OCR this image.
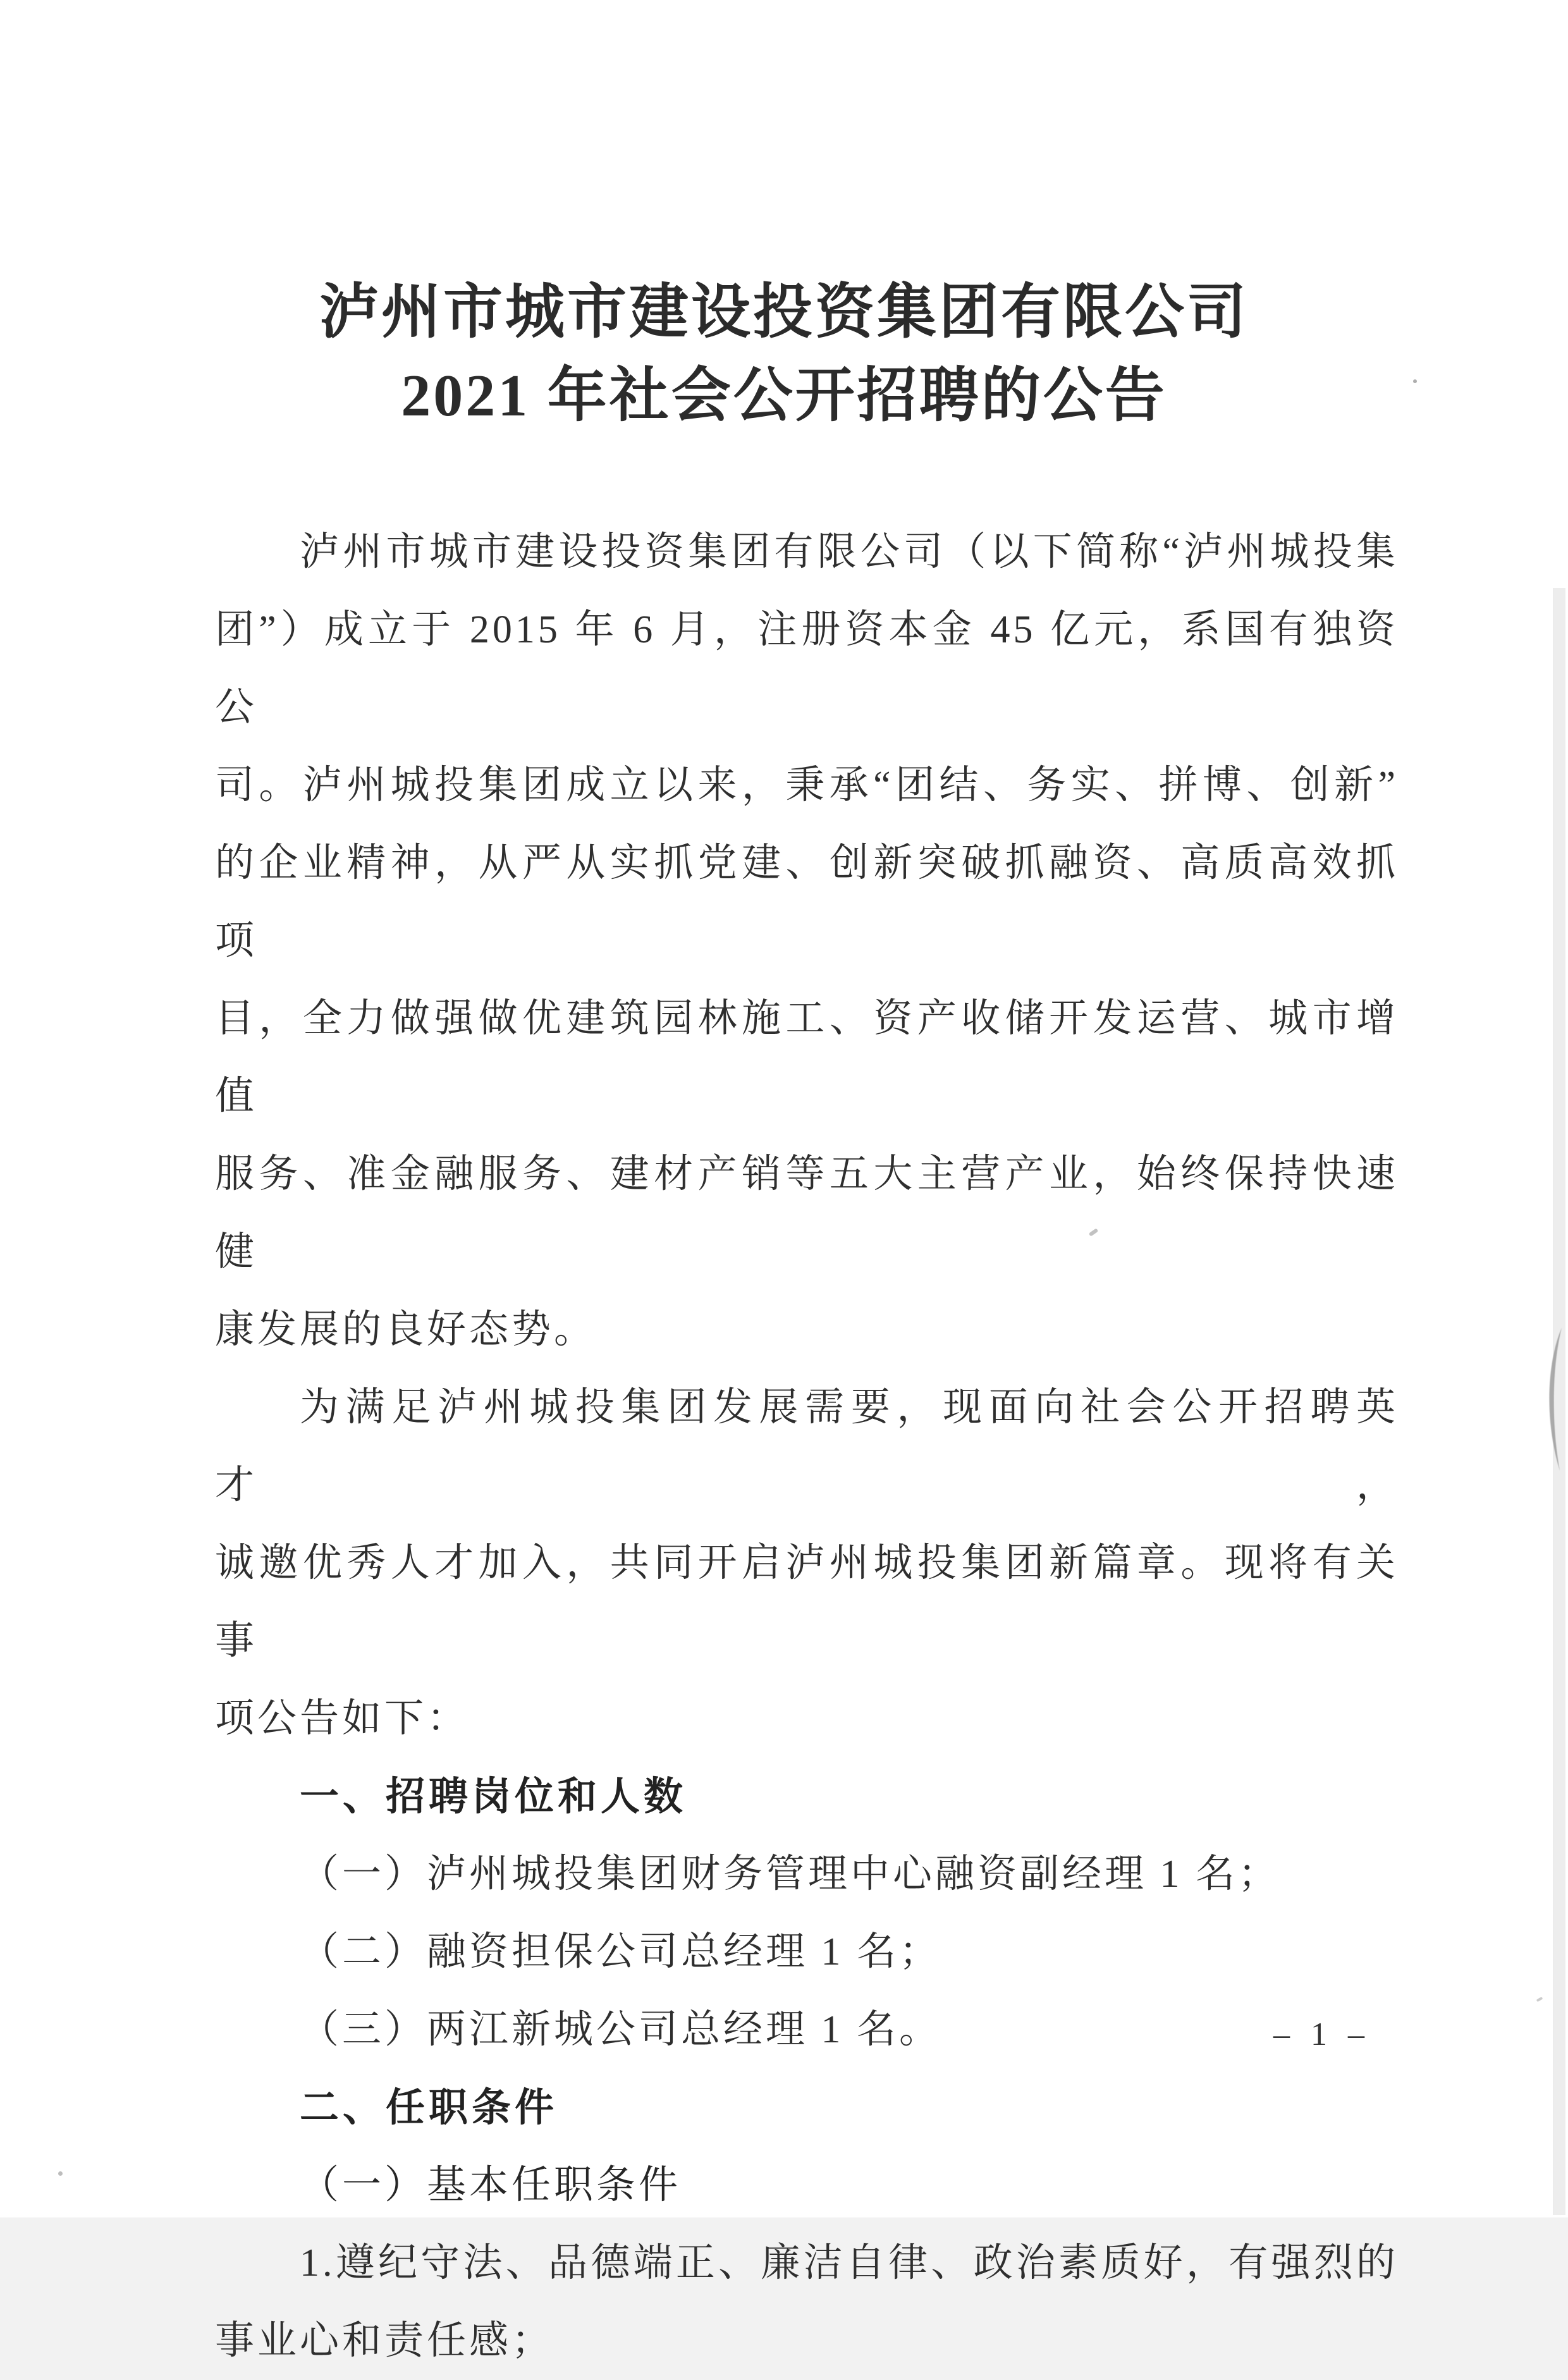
泸州市城市建设投资集团有限公司
2021 年社会公开招聘的公告
泸州市城市建设投资集团有限公司（以下简称“泸州城投集
团”）成立于 2015 年 6 月，注册资本金 45 亿元，系国有独资公
司。泸州城投集团成立以来，秉承“团结、务实、拼博、创新”
的企业精神，从严从实抓党建、创新突破抓融资、高质高效抓项
目，全力做强做优建筑园林施工、资产收储开发运营、城市增值
服务、准金融服务、建材产销等五大主营产业，始终保持快速健
康发展的良好态势。
为满足泸州城投集团发展需要，现面向社会公开招聘英才，
诚邀优秀人才加入，共同开启泸州城投集团新篇章。现将有关事
项公告如下：
一、招聘岗位和人数
（一）泸州城投集团财务管理中心融资副经理 1 名；
（二）融资担保公司总经理 1 名；
（三）两江新城公司总经理 1 名。
二、任职条件
（一）基本任职条件
1.遵纪守法、品德端正、廉洁自律、政治素质好，有强烈的
事业心和责任感；
– 1 –
